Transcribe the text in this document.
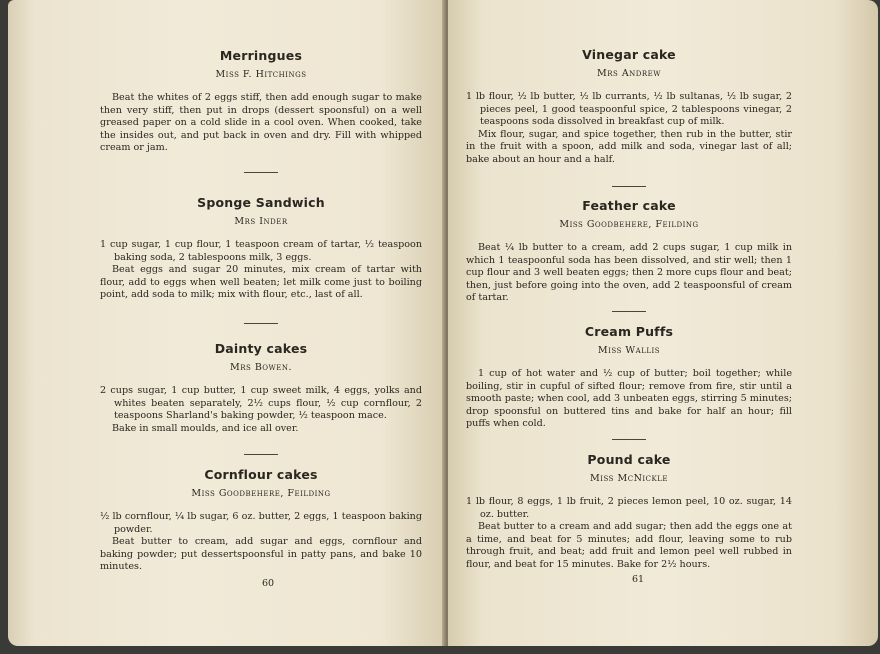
Merringues
Miss F. Hitchings

Beat the whites of 2 eggs stiff, then add enough sugar to make then very stiff, then put in drops (dessert spoonsful) on a well greased paper on a cold slide in a cool oven. When cooked, take the insides out, and put back in oven and dry. Fill with whipped cream or jam.

Sponge Sandwich
Mrs Inder

1 cup sugar, 1 cup flour, 1 teaspoon cream of tartar, ½ teaspoon baking soda, 2 tablespoons milk, 3 eggs.

Beat eggs and sugar 20 minutes, mix cream of tartar with flour, add to eggs when well beaten; let milk come just to boiling point, add soda to milk; mix with flour, etc., last of all.

Dainty cakes
Mrs Bowen.

2 cups sugar, 1 cup butter, 1 cup sweet milk, 4 eggs, yolks and whites beaten separately, 2½ cups flour, ½ cup cornflour, 2 teaspoons Sharland's baking powder, ½ teaspoon mace.

Bake in small moulds, and ice all over.

Cornflour cakes
Miss Goodbehere, Feilding

½ lb cornflour, ¼ lb sugar, 6 oz. butter, 2 eggs, 1 teaspoon baking powder.

Beat butter to cream, add sugar and eggs, cornflour and baking powder; put dessertspoonsful in patty pans, and bake 10 minutes.

60
Vinegar cake
Mrs Andrew

1 lb flour, ½ lb butter, ½ lb currants, ½ lb sultanas, ½ lb sugar, 2 pieces peel, 1 good teaspoonful spice, 2 tablespoons vinegar, 2 teaspoons soda dissolved in breakfast cup of milk.

Mix flour, sugar, and spice together, then rub in the butter, stir in the fruit with a spoon, add milk and soda, vinegar last of all; bake about an hour and a half.

Feather cake
Miss Goodbehere, Feilding

Beat ¼ lb butter to a cream, add 2 cups sugar, 1 cup milk in which 1 teaspoonful soda has been dissolved, and stir well; then 1 cup flour and 3 well beaten eggs; then 2 more cups flour and beat; then, just before going into the oven, add 2 teaspoonsful of cream of tartar.

Cream Puffs
Miss Wallis

1 cup of hot water and ½ cup of butter; boil together; while boiling, stir in cupful of sifted flour; remove from fire, stir until a smooth paste; when cool, add 3 unbeaten eggs, stirring 5 minutes; drop spoonsful on buttered tins and bake for half an hour; fill puffs when cold.

Pound cake
Miss McNickle

1 lb flour, 8 eggs, 1 lb fruit, 2 pieces lemon peel, 10 oz. sugar, 14 oz. butter.

Beat butter to a cream and add sugar; then add the eggs one at a time, and beat for 5 minutes; add flour, leaving some to rub through fruit, and beat; add fruit and lemon peel well rubbed in flour, and beat for 15 minutes. Bake for 2½ hours.

61
